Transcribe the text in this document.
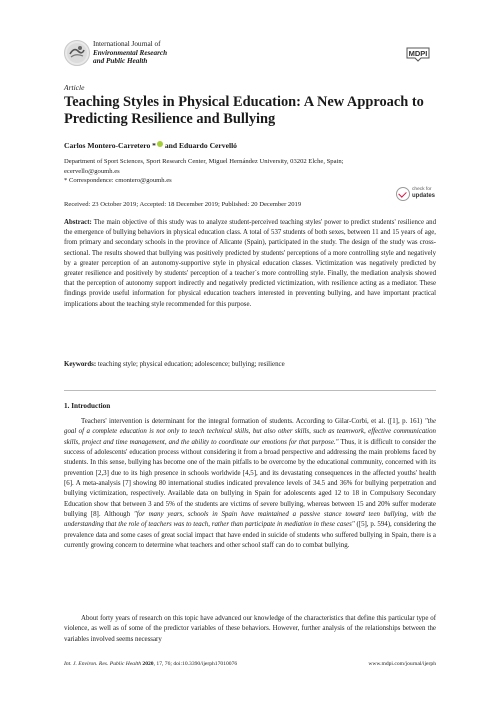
International Journal of
Environmental Research
and Public Health
MDPI
Article
Teaching Styles in Physical Education: A New Approach to Predicting Resilience and Bullying
Carlos Montero-Carretero * and Eduardo Cervelló
Department of Sport Sciences, Sport Research Center, Miguel Hernández University, 03202 Elche, Spain;
ecervello@goumh.es
* Correspondence: cmontero@goumh.es
check for
updates
Received: 23 October 2019; Accepted: 18 December 2019; Published: 20 December 2019

Abstract: The main objective of this study was to analyze student-perceived teaching styles' power to predict students' resilience and the emergence of bullying behaviors in physical education class. A total of 537 students of both sexes, between 11 and 15 years of age, from primary and secondary schools in the province of Alicante (Spain), participated in the study. The design of the study was cross-sectional. The results showed that bullying was positively predicted by students' perceptions of a more controlling style and negatively by a greater perception of an autonomy-supportive style in physical education classes. Victimization was negatively predicted by greater resilience and positively by students' perception of a teacher´s more controlling style. Finally, the mediation analysis showed that the perception of autonomy support indirectly and negatively predicted victimization, with resilience acting as a mediator. These findings provide useful information for physical education teachers interested in preventing bullying, and have important practical implications about the teaching style recommended for this purpose.

Keywords: teaching style; physical education; adolescence; bullying; resilience
1. Introduction

Teachers' intervention is determinant for the integral formation of students. According to Gilar-Corbi, et al. ([1], p. 161) "the goal of a complete education is not only to teach technical skills, but also other skills, such as teamwork, effective communication skills, project and time management, and the ability to coordinate our emotions for that purpose." Thus, it is difficult to consider the success of adolescents' education process without considering it from a broad perspective and addressing the main problems faced by students. In this sense, bullying has become one of the main pitfalls to be overcome by the educational community, concerned with its prevention [2,3] due to its high presence in schools worldwide [4,5], and its devastating consequences in the affected youths' health [6]. A meta-analysis [7] showing 80 international studies indicated prevalence levels of 34.5 and 36% for bullying perpetration and bullying victimization, respectively. Available data on bullying in Spain for adolescents aged 12 to 18 in Compulsory Secondary Education show that between 3 and 5% of the students are victims of severe bullying, whereas between 15 and 20% suffer moderate bullying [8]. Although "for many years, schools in Spain have maintained a passive stance toward teen bullying, with the understanding that the role of teachers was to teach, rather than participate in mediation in these cases" ([5], p. 594), considering the prevalence data and some cases of great social impact that have ended in suicide of students who suffered bullying in Spain, there is a currently growing concern to determine what teachers and other school staff can do to combat bullying.

About forty years of research on this topic have advanced our knowledge of the characteristics that define this particular type of violence, as well as of some of the predictor variables of these behaviors. However, further analysis of the relationships between the variables involved seems necessary

Int. J. Environ. Res. Public Health 2020, 17, 76; doi:10.3390/ijerph17010076	www.mdpi.com/journal/ijerph
